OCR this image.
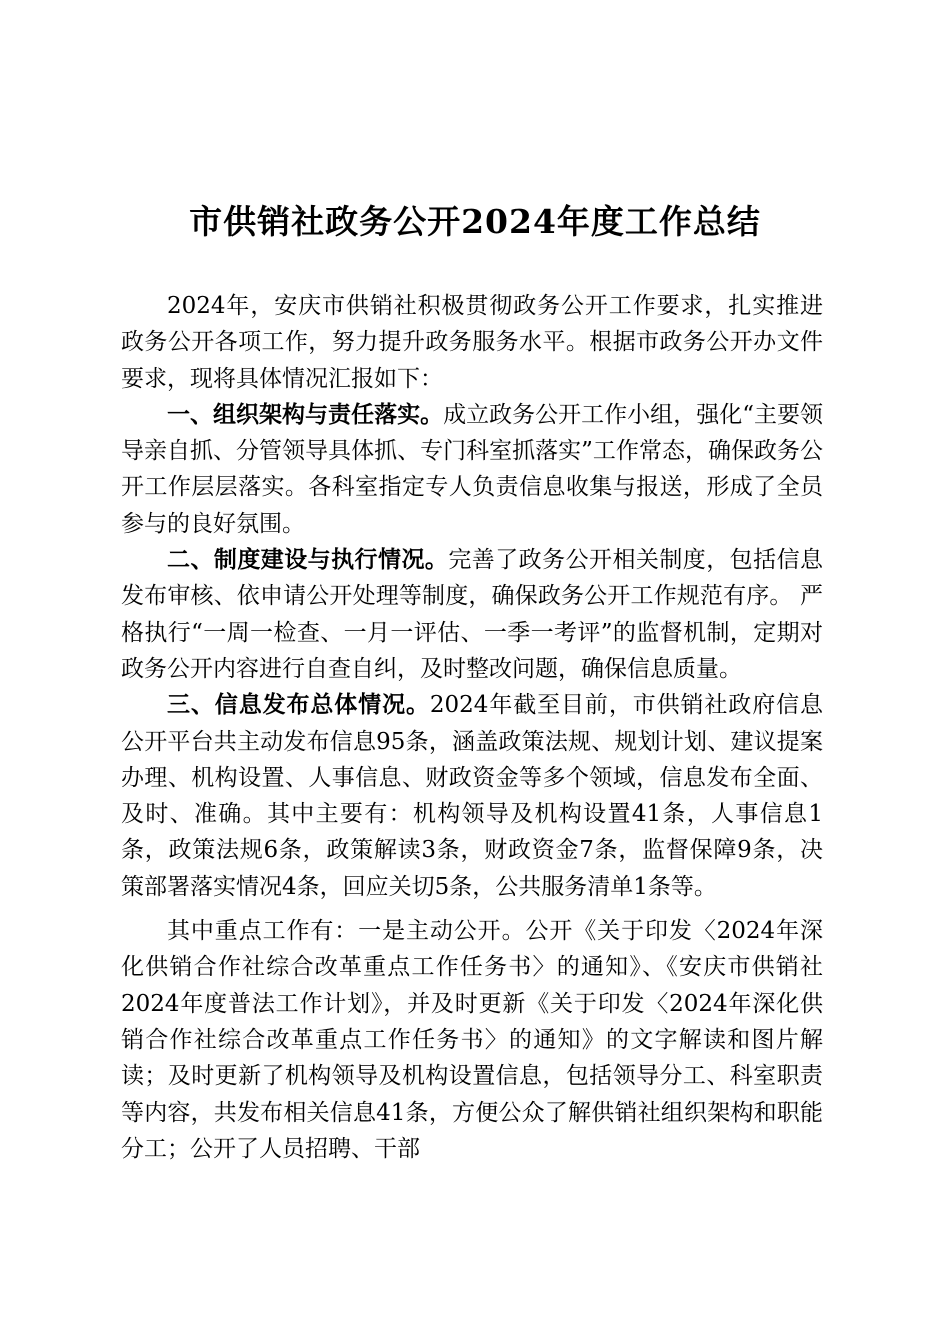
市供销社政务公开2024年度工作总结

2024年，安庆市供销社积极贯彻政务公开工作要求，扎实推进政务公开各项工作，努力提升政务服务水平。根据市政务公开办文件要求，现将具体情况汇报如下：

一、组织架构与责任落实。成立政务公开工作小组，强化“主要领导亲自抓、分管领导具体抓、专门科室抓落实”工作常态，确保政务公开工作层层落实。各科室指定专人负责信息收集与报送，形成了全员参与的良好氛围。

二、制度建设与执行情况。完善了政务公开相关制度，包括信息发布审核、依申请公开处理等制度，确保政务公开工作规范有序。 严格执行“一周一检查、一月一评估、一季一考评”的监督机制，定期对政务公开内容进行自查自纠，及时整改问题，确保信息质量。

三、信息发布总体情况。2024年截至目前，市供销社政府信息公开平台共主动发布信息95条，涵盖政策法规、规划计划、建议提案办理、机构设置、人事信息、财政资金等多个领域，信息发布全面、及时、准确。其中主要有：机构领导及机构设置41条，人事信息1条，政策法规6条，政策解读3条，财政资金7条，监督保障9条，决策部署落实情况4条，回应关切5条，公共服务清单1条等。

其中重点工作有：一是主动公开。公开《关于印发〈2024年深化供销合作社综合改革重点工作任务书〉的通知》、《安庆市供销社2024年度普法工作计划》，并及时更新《关于印发〈2024年深化供销合作社综合改革重点工作任务书〉的通知》的文字解读和图片解读；及时更新了机构领导及机构设置信息，包括领导分工、科室职责等内容，共发布相关信息41条，方便公众了解供销社组织架构和职能分工；公开了人员招聘、干部
